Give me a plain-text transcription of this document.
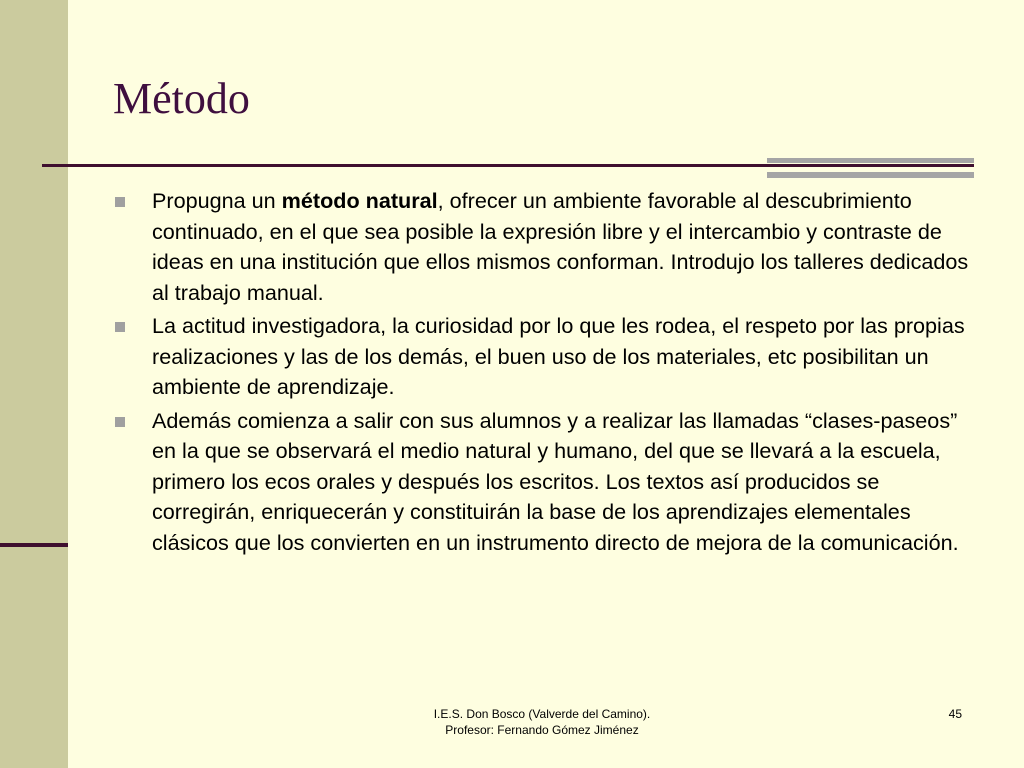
Método
Propugna un método natural, ofrecer un ambiente favorable al descubrimiento continuado, en el que sea posible la expresión libre y el intercambio y contraste de ideas en una institución que ellos mismos conforman. Introdujo los talleres dedicados al trabajo manual.
La actitud investigadora, la curiosidad por lo que les rodea, el respeto por las propias realizaciones y las de los demás, el buen uso de los materiales, etc posibilitan un ambiente de aprendizaje.
Además comienza a salir con sus alumnos y a realizar las llamadas “clases-paseos” en la que se observará el medio natural y humano, del que se llevará a la escuela, primero los ecos orales y después los escritos. Los textos así producidos se corregirán, enriquecerán y constituirán la base de los aprendizajes elementales clásicos que los convierten en un instrumento directo de mejora de la comunicación.
I.E.S. Don Bosco (Valverde del Camino).
Profesor: Fernando Gómez Jiménez
45
